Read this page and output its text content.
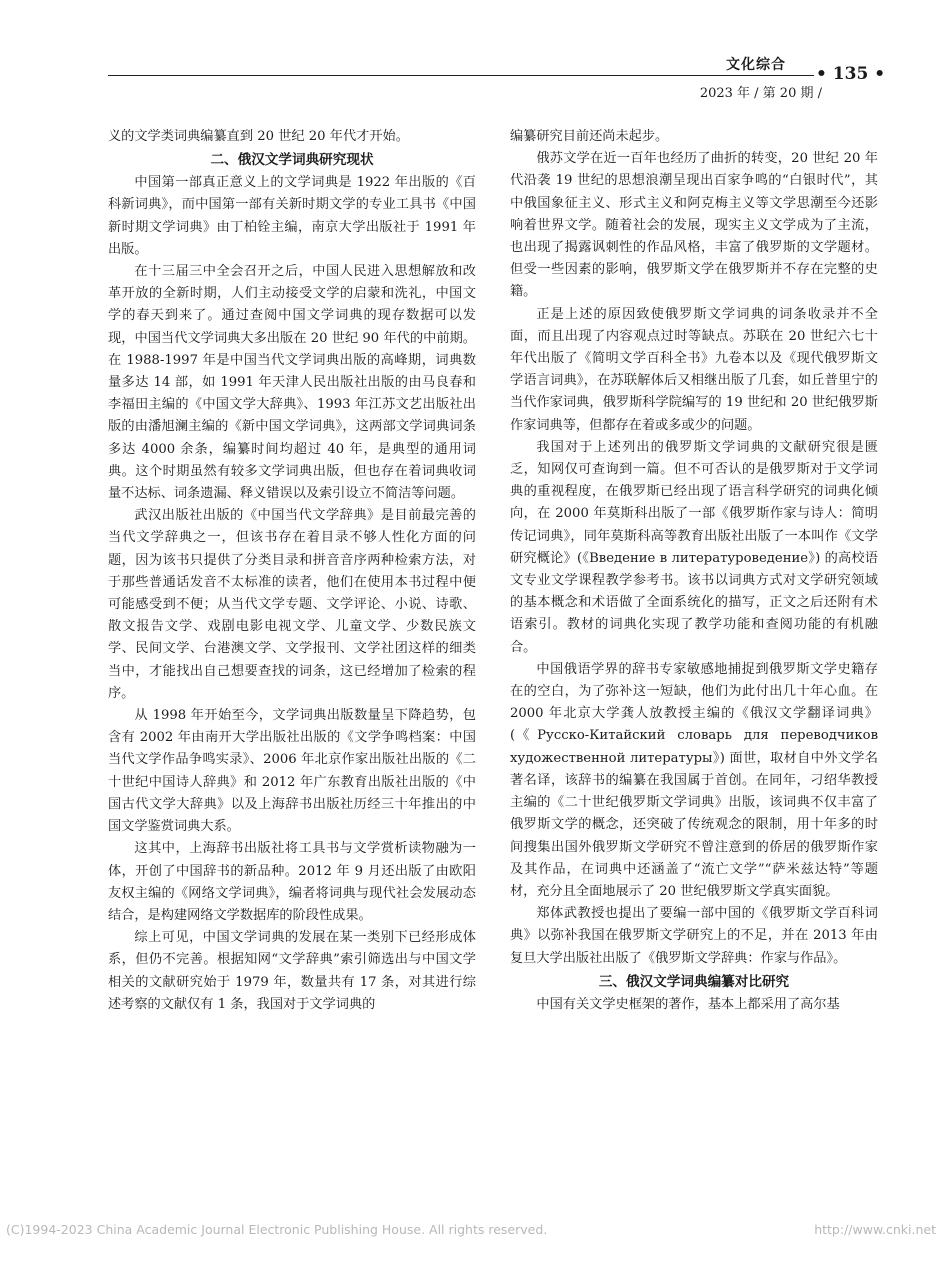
文化综合 • 135 •
2023 年 / 第 20 期 /

义的文学类词典编纂直到 20 世纪 20 年代才开始。

二、俄汉文学词典研究现状

中国第一部真正意义上的文学词典是 1922 年出版的《百科新词典》，而中国第一部有关新时期文学的专业工具书《中国新时期文学词典》由丁柏铨主编，南京大学出版社于 1991 年出版。

在十三届三中全会召开之后，中国人民进入思想解放和改革开放的全新时期，人们主动接受文学的启蒙和洗礼，中国文学的春天到来了。通过查阅中国文学词典的现存数据可以发现，中国当代文学词典大多出版在 20 世纪 90 年代的中前期。在 1988-1997 年是中国当代文学词典出版的高峰期，词典数量多达 14 部，如 1991 年天津人民出版社出版的由马良春和李福田主编的《中国文学大辞典》、1993 年江苏文艺出版社出版的由潘旭澜主编的《新中国文学词典》，这两部文学词典词条多达 4000 余条，编纂时间均超过 40 年，是典型的通用词典。这个时期虽然有较多文学词典出版，但也存在着词典收词量不达标、词条遗漏、释义错误以及索引设立不简洁等问题。

武汉出版社出版的《中国当代文学辞典》是目前最完善的当代文学辞典之一，但该书存在着目录不够人性化方面的问题，因为该书只提供了分类目录和拼音音序两种检索方法，对于那些普通话发音不太标准的读者，他们在使用本书过程中便可能感受到不便；从当代文学专题、文学评论、小说、诗歌、散文报告文学、戏剧电影电视文学、儿童文学、少数民族文学、民间文学、台港澳文学、文学报刊、文学社团这样的细类当中，才能找出自己想要查找的词条，这已经增加了检索的程序。

从 1998 年开始至今，文学词典出版数量呈下降趋势，包含有 2002 年由南开大学出版社出版的《文学争鸣档案：中国当代文学作品争鸣实录》、2006 年北京作家出版社出版的《二十世纪中国诗人辞典》和 2012 年广东教育出版社出版的《中国古代文学大辞典》以及上海辞书出版社历经三十年推出的中国文学鉴赏词典大系。

这其中，上海辞书出版社将工具书与文学赏析读物融为一体，开创了中国辞书的新品种。2012 年 9 月还出版了由欧阳友权主编的《网络文学词典》，编者将词典与现代社会发展动态结合，是构建网络文学数据库的阶段性成果。

综上可见，中国文学词典的发展在某一类别下已经形成体系，但仍不完善。根据知网“文学辞典”索引筛选出与中国文学相关的文献研究始于 1979 年，数量共有 17 条，对其进行综述考察的文献仅有 1 条，我国对于文学词典的

编纂研究目前还尚未起步。

俄苏文学在近一百年也经历了曲折的转变，20 世纪 20 年代沿袭 19 世纪的思想浪潮呈现出百家争鸣的“白银时代”，其中俄国象征主义、形式主义和阿克梅主义等文学思潮至今还影响着世界文学。随着社会的发展，现实主义文学成为了主流，也出现了揭露讽刺性的作品风格，丰富了俄罗斯的文学题材。但受一些因素的影响，俄罗斯文学在俄罗斯并不存在完整的史籍。

正是上述的原因致使俄罗斯文学词典的词条收录并不全面，而且出现了内容观点过时等缺点。苏联在 20 世纪六七十年代出版了《简明文学百科全书》九卷本以及《现代俄罗斯文学语言词典》，在苏联解体后又相继出版了几套，如丘普里宁的当代作家词典，俄罗斯科学院编写的 19 世纪和 20 世纪俄罗斯作家词典等，但都存在着或多或少的问题。

我国对于上述列出的俄罗斯文学词典的文献研究很是匮乏，知网仅可查询到一篇。但不可否认的是俄罗斯对于文学词典的重视程度，在俄罗斯已经出现了语言科学研究的词典化倾向，在 2000 年莫斯科出版了一部《俄罗斯作家与诗人：简明传记词典》，同年莫斯科高等教育出版社出版了一本叫作《文学研究概论》(《Введение в литературоведение》) 的高校语文专业文学课程教学参考书。该书以词典方式对文学研究领域的基本概念和术语做了全面系统化的描写，正文之后还附有术语索引。教材的词典化实现了教学功能和查阅功能的有机融合。

中国俄语学界的辞书专家敏感地捕捉到俄罗斯文学史籍存在的空白，为了弥补这一短缺，他们为此付出几十年心血。在 2000 年北京大学龚人放教授主编的《俄汉文学翻译词典》(《Русско-Китайский словарь для переводчиков художественной литературы》) 面世，取材自中外文学名著名译，该辞书的编纂在我国属于首创。在同年，刁绍华教授主编的《二十世纪俄罗斯文学词典》出版，该词典不仅丰富了俄罗斯文学的概念，还突破了传统观念的限制，用十年多的时间搜集出国外俄罗斯文学研究不曾注意到的侨居的俄罗斯作家及其作品，在词典中还涵盖了“流亡文学”“萨米兹达特”等题材，充分且全面地展示了 20 世纪俄罗斯文学真实面貌。

郑体武教授也提出了要编一部中国的《俄罗斯文学百科词典》以弥补我国在俄罗斯文学研究上的不足，并在 2013 年由复旦大学出版社出版了《俄罗斯文学辞典：作家与作品》。

三、俄汉文学词典编纂对比研究

中国有关文学史框架的著作，基本上都采用了高尔基

(C)1994-2023 China Academic Journal Electronic Publishing House. All rights reserved.	http://www.cnki.net
